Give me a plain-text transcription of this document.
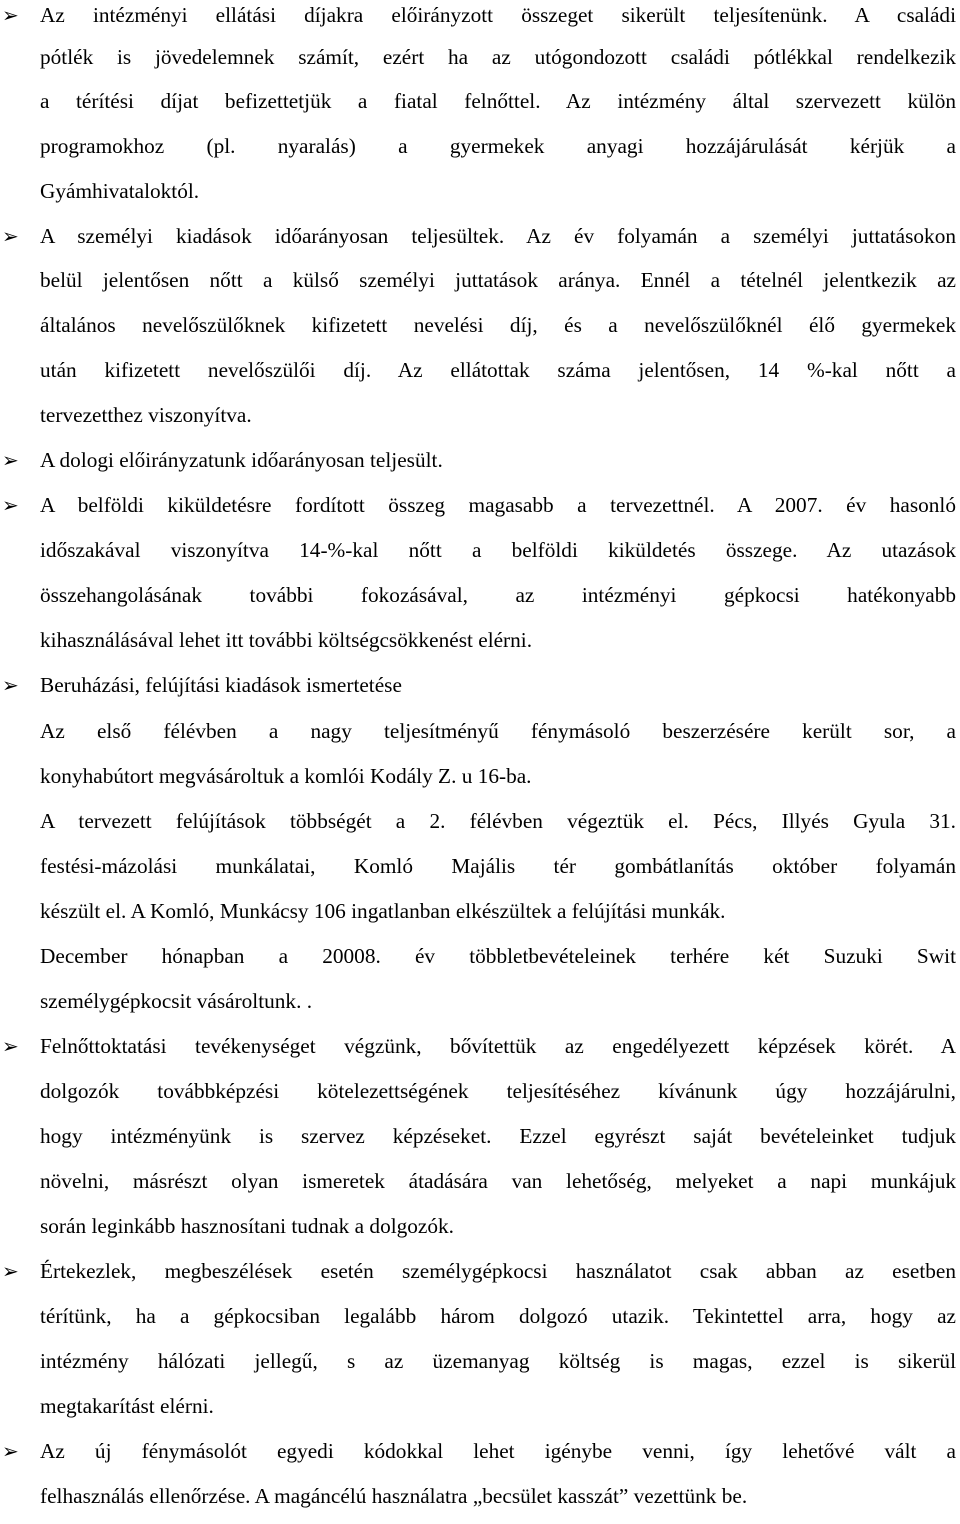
➢ Az intézményi ellátási díjakra előirányzott összeget sikerült teljesítenünk. A családi
pótlék is jövedelemnek számít, ezért ha az utógondozott családi pótlékkal rendelkezik
a térítési díjat befizettetjük a fiatal felnőttel. Az intézmény által szervezett külön
programokhoz (pl. nyaralás) a gyermekek anyagi hozzájárulását kérjük a
Gyámhivataloktól.
➢ A személyi kiadások időarányosan teljesültek. Az év folyamán a személyi juttatásokon
belül jelentősen nőtt a külső személyi juttatások aránya. Ennél a tételnél jelentkezik az
általános nevelőszülőknek kifizetett nevelési díj, és a nevelőszülőknél élő gyermekek
után kifizetett nevelőszülői díj. Az ellátottak száma jelentősen, 14 %-kal nőtt a
tervezetthez viszonyítva.
➢ A dologi előirányzatunk időarányosan teljesült.
➢ A belföldi kiküldetésre fordított összeg magasabb a tervezettnél. A 2007. év hasonló
időszakával viszonyítva 14-%-kal nőtt a belföldi kiküldetés összege. Az utazások
összehangolásának további fokozásával, az intézményi gépkocsi hatékonyabb
kihasználásával lehet itt további költségcsökkenést elérni.
➢ Beruházási, felújítási kiadások ismertetése
Az első félévben a nagy teljesítményű fénymásoló beszerzésére került sor, a
konyhabútort megvásároltuk a komlói Kodály Z. u 16-ba.
A tervezett felújítások többségét a 2. félévben végeztük el. Pécs, Illyés Gyula 31.
festési-mázolási munkálatai, Komló Majális tér gombátlanítás október folyamán
készült el. A Komló, Munkácsy 106 ingatlanban elkészültek a felújítási munkák.
December hónapban a 20008. év többletbevételeinek terhére két Suzuki Swit
személygépkocsit vásároltunk. .
➢ Felnőttoktatási tevékenységet végzünk, bővítettük az engedélyezett képzések körét. A
dolgozók továbbképzési kötelezettségének teljesítéséhez kívánunk úgy hozzájárulni,
hogy intézményünk is szervez képzéseket. Ezzel egyrészt saját bevételeinket tudjuk
növelni, másrészt olyan ismeretek átadására van lehetőség, melyeket a napi munkájuk
során leginkább hasznosítani tudnak a dolgozók.
➢ Értekezlek, megbeszélések esetén személygépkocsi használatot csak abban az esetben
térítünk, ha a gépkocsiban legalább három dolgozó utazik. Tekintettel arra, hogy az
intézmény hálózati jellegű, s az üzemanyag költség is magas, ezzel is sikerül
megtakarítást elérni.
➢ Az új fénymásolót egyedi kódokkal lehet igénybe venni, így lehetővé vált a
felhasználás ellenőrzése. A magáncélú használatra „becsület kasszát” vezettünk be.
